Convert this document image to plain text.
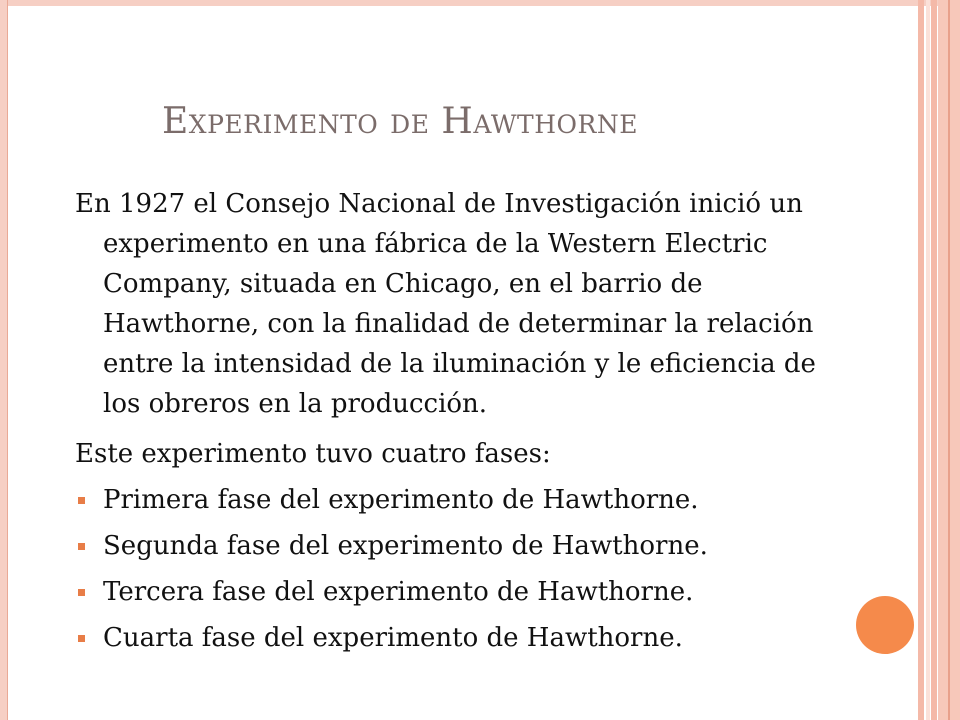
Experimento de Hawthorne

En 1927 el Consejo Nacional de Investigación inició un experimento en una fábrica de la Western Electric Company, situada en Chicago, en el barrio de Hawthorne, con la finalidad de determinar la relación entre la intensidad de la iluminación y le eficiencia de los obreros en la producción.

Este experimento tuvo cuatro fases:

Primera fase del experimento de Hawthorne.
Segunda fase del experimento de Hawthorne.
Tercera fase del experimento de Hawthorne.
Cuarta fase del experimento de Hawthorne.
